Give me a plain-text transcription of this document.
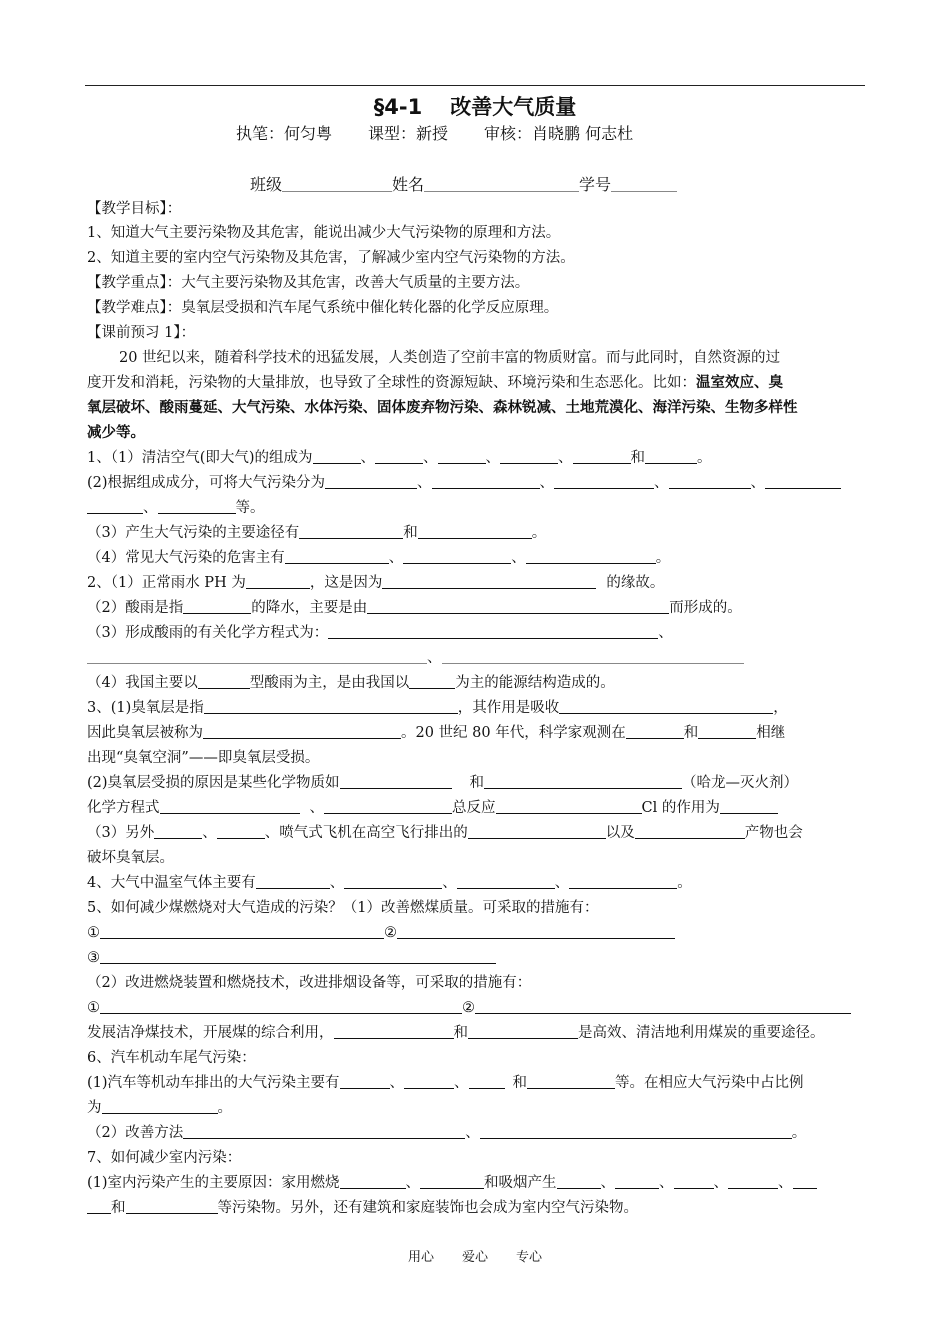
§4-1 改善大气质量
执笔：何匀粤 课型：新授 审核：肖晓鹏 何志杜
班级	姓名	学号
【教学目标】：
1、知道大气主要污染物及其危害，能说出减少大气污染物的原理和方法。
2、知道主要的室内空气污染物及其危害，了解减少室内空气污染物的方法。
【教学重点】：大气主要污染物及其危害，改善大气质量的主要方法。
【教学难点】：臭氧层受损和汽车尾气系统中催化转化器的化学反应原理。
【课前预习 1】：
20 世纪以来，随着科学技术的迅猛发展，人类创造了空前丰富的物质财富。而与此同时，自然资源的过
度开发和消耗，污染物的大量排放，也导致了全球性的资源短缺、环境污染和生态恶化。比如：温室效应、臭
氧层破坏、酸雨蔓延、大气污染、水体污染、固体废弃物污染、森林锐减、土地荒漠化、海洋污染、生物多样性
减少等。
1、（1）清洁空气(即大气)的组成为	、	、	、	、	和	。
(2)根据组成成分，可将大气污染分为	、	、	、	、
、	等。
（3）产生大气污染的主要途径有	和	。
（4）常见大气污染的危害主有	、	、	。
2、（1）正常雨水 PH 为	，这是因为	的缘故。
（2）酸雨是指	的降水，主要是由	而形成的。
（3）形成酸雨的有关化学方程式为：	、
、
（4）我国主要以	型酸雨为主，是由我国以	为主的能源结构造成的。
3、(1)臭氧层是指	，其作用是吸收	，
因此臭氧层被称为	。20 世纪 80 年代，科学家观测在	和	相继
出现“臭氧空洞”——即臭氧层受损。
(2)臭氧层受损的原因是某些化学物质如	和	（哈龙—灭火剂）
化学方程式	、	总反应	Cl 的作用为
（3）另外	、	、喷气式飞机在高空飞行排出的	以及	产物也会
破坏臭氧层。
4、大气中温室气体主要有	、	、	、	。
5、如何减少煤燃烧对大气造成的污染？（1）改善燃煤质量。可采取的措施有：
①	②
③
（2）改进燃烧装置和燃烧技术，改进排烟设备等，可采取的措施有：
①	②
发展洁净煤技术，开展煤的综合利用，	和	是高效、清洁地利用煤炭的重要途径。
6、汽车机动车尾气污染：
(1)汽车等机动车排出的大气污染主要有	、	、	和	等。在相应大气污染中占比例
为	。
（2）改善方法	、	。
7、如何减少室内污染：
(1)室内污染产生的主要原因：家用燃烧	、	和吸烟产生	、	、	、	、
和	等污染物。另外，还有建筑和家庭装饰也会成为室内空气污染物。
用心 爱心 专心
